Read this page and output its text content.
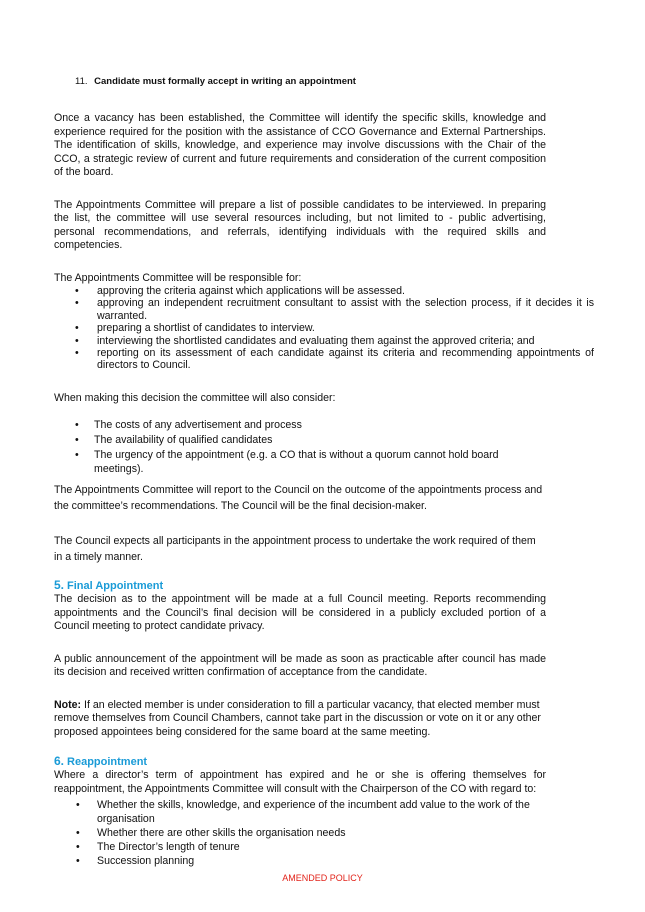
11. Candidate must formally accept in writing an appointment

Once a vacancy has been established, the Committee will identify the specific skills, knowledge and experience required for the position with the assistance of CCO Governance and External Partnerships. The identification of skills, knowledge, and experience may involve discussions with the Chair of the CCO, a strategic review of current and future requirements and consideration of the current composition of the board.

The Appointments Committee will prepare a list of possible candidates to be interviewed. In preparing the list, the committee will use several resources including, but not limited to - public advertising, personal recommendations, and referrals, identifying individuals with the required skills and competencies.

The Appointments Committee will be responsible for:

• approving the criteria against which applications will be assessed.
• approving an independent recruitment consultant to assist with the selection process, if it decides it is warranted.
• preparing a shortlist of candidates to interview.
• interviewing the shortlisted candidates and evaluating them against the approved criteria; and
• reporting on its assessment of each candidate against its criteria and recommending appointments of directors to Council.

When making this decision the committee will also consider:

• The costs of any advertisement and process
• The availability of qualified candidates
• The urgency of the appointment (e.g. a CO that is without a quorum cannot hold board meetings).

The Appointments Committee will report to the Council on the outcome of the appointments process and the committee’s recommendations. The Council will be the final decision-maker.

The Council expects all participants in the appointment process to undertake the work required of them in a timely manner.

5. Final Appointment

The decision as to the appointment will be made at a full Council meeting. Reports recommending appointments and the Council’s final decision will be considered in a publicly excluded portion of a Council meeting to protect candidate privacy.

A public announcement of the appointment will be made as soon as practicable after council has made its decision and received written confirmation of acceptance from the candidate.

Note: If an elected member is under consideration to fill a particular vacancy, that elected member must remove themselves from Council Chambers, cannot take part in the discussion or vote on it or any other proposed appointees being considered for the same board at the same meeting.

6. Reappointment

Where a director’s term of appointment has expired and he or she is offering themselves for reappointment, the Appointments Committee will consult with the Chairperson of the CO with regard to:

• Whether the skills, knowledge, and experience of the incumbent add value to the work of the organisation
• Whether there are other skills the organisation needs
• The Director’s length of tenure
• Succession planning
AMENDED POLICY
